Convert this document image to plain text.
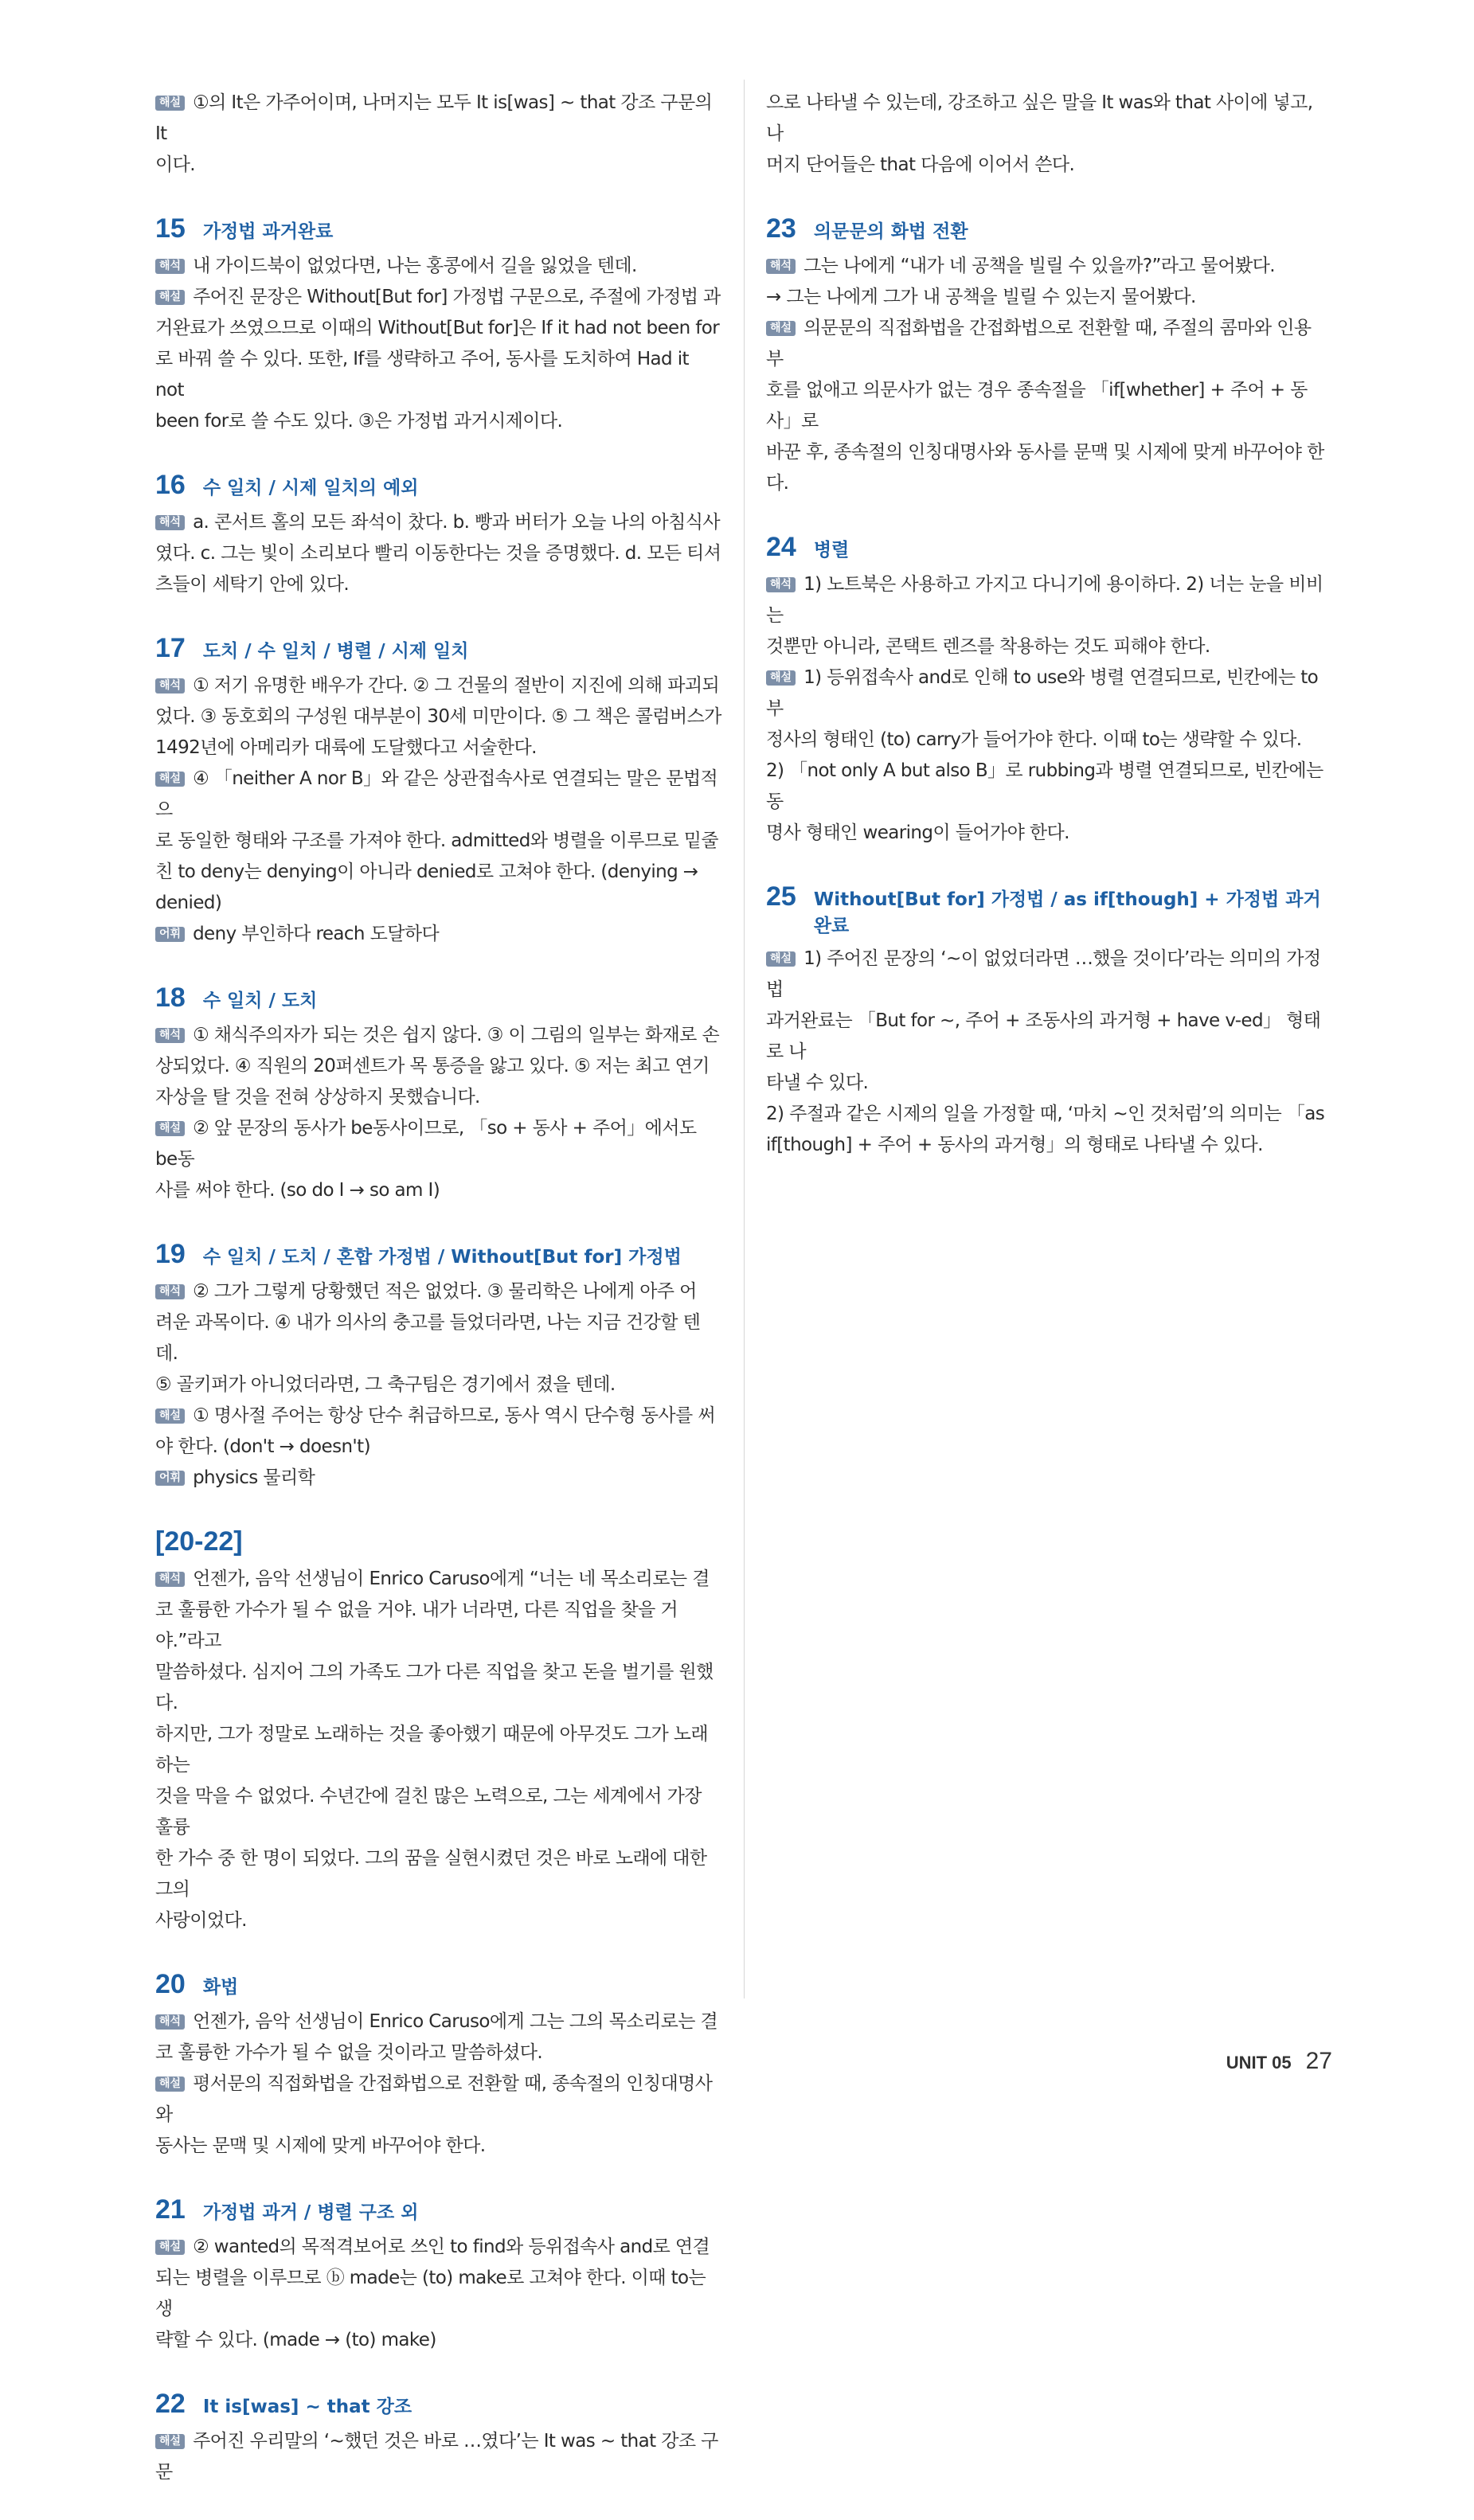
해설 ①의 It은 가주어이며, 나머지는 모두 It is[was] ~ that 강조 구문의 It

이다.

15 가정법 과거완료

해석 내 가이드북이 없었다면, 나는 홍콩에서 길을 잃었을 텐데.

해설 주어진 문장은 Without[But for] 가정법 구문으로, 주절에 가정법 과

거완료가 쓰였으므로 이때의 Without[But for]은 If it had not been for

로 바꿔 쓸 수 있다. 또한, If를 생략하고 주어, 동사를 도치하여 Had it not

been for로 쓸 수도 있다. ③은 가정법 과거시제이다.

16 수 일치 / 시제 일치의 예외

해석 a. 콘서트 홀의 모든 좌석이 찼다. b. 빵과 버터가 오늘 나의 아침식사

였다. c. 그는 빛이 소리보다 빨리 이동한다는 것을 증명했다. d. 모든 티셔

츠들이 세탁기 안에 있다.

17 도치 / 수 일치 / 병렬 / 시제 일치

해석 ① 저기 유명한 배우가 간다. ② 그 건물의 절반이 지진에 의해 파괴되

었다. ③ 동호회의 구성원 대부분이 30세 미만이다. ⑤ 그 책은 콜럼버스가

1492년에 아메리카 대륙에 도달했다고 서술한다.

해설 ④ 「neither A nor B」와 같은 상관접속사로 연결되는 말은 문법적으

로 동일한 형태와 구조를 가져야 한다. admitted와 병렬을 이루므로 밑줄

친 to deny는 denying이 아니라 denied로 고쳐야 한다. (denying →

denied)

어휘 deny 부인하다 reach 도달하다

18 수 일치 / 도치

해석 ① 채식주의자가 되는 것은 쉽지 않다. ③ 이 그림의 일부는 화재로 손

상되었다. ④ 직원의 20퍼센트가 목 통증을 앓고 있다. ⑤ 저는 최고 연기

자상을 탈 것을 전혀 상상하지 못했습니다.

해설 ② 앞 문장의 동사가 be동사이므로, 「so + 동사 + 주어」에서도 be동

사를 써야 한다. (so do I → so am I)

19 수 일치 / 도치 / 혼합 가정법 / Without[But for] 가정법

해석 ② 그가 그렇게 당황했던 적은 없었다. ③ 물리학은 나에게 아주 어

려운 과목이다. ④ 내가 의사의 충고를 들었더라면, 나는 지금 건강할 텐데.

⑤ 골키퍼가 아니었더라면, 그 축구팀은 경기에서 졌을 텐데.

해설 ① 명사절 주어는 항상 단수 취급하므로, 동사 역시 단수형 동사를 써

야 한다. (don't → doesn't)

어휘 physics 물리학

[20-22]

해석 언젠가, 음악 선생님이 Enrico Caruso에게 “너는 네 목소리로는 결

코 훌륭한 가수가 될 수 없을 거야. 내가 너라면, 다른 직업을 찾을 거야.”라고

말씀하셨다. 심지어 그의 가족도 그가 다른 직업을 찾고 돈을 벌기를 원했다.

하지만, 그가 정말로 노래하는 것을 좋아했기 때문에 아무것도 그가 노래하는

것을 막을 수 없었다. 수년간에 걸친 많은 노력으로, 그는 세계에서 가장 훌륭

한 가수 중 한 명이 되었다. 그의 꿈을 실현시켰던 것은 바로 노래에 대한 그의

사랑이었다.

20 화법

해석 언젠가, 음악 선생님이 Enrico Caruso에게 그는 그의 목소리로는 결

코 훌륭한 가수가 될 수 없을 것이라고 말씀하셨다.

해설 평서문의 직접화법을 간접화법으로 전환할 때, 종속절의 인칭대명사와

동사는 문맥 및 시제에 맞게 바꾸어야 한다.

21 가정법 과거 / 병렬 구조 외

해설 ② wanted의 목적격보어로 쓰인 to find와 등위접속사 and로 연결

되는 병렬을 이루므로 ⓑ made는 (to) make로 고쳐야 한다. 이때 to는 생

략할 수 있다. (made → (to) make)

22 It is[was] ~ that 강조

해설 주어진 우리말의 ‘~했던 것은 바로 …였다’는 It was ~ that 강조 구문

으로 나타낼 수 있는데, 강조하고 싶은 말을 It was와 that 사이에 넣고, 나

머지 단어들은 that 다음에 이어서 쓴다.

23 의문문의 화법 전환

해석 그는 나에게 “내가 네 공책을 빌릴 수 있을까?”라고 물어봤다.

→ 그는 나에게 그가 내 공책을 빌릴 수 있는지 물어봤다.

해설 의문문의 직접화법을 간접화법으로 전환할 때, 주절의 콤마와 인용 부

호를 없애고 의문사가 없는 경우 종속절을 「if[whether] + 주어 + 동사」로

바꾼 후, 종속절의 인칭대명사와 동사를 문맥 및 시제에 맞게 바꾸어야 한다.

24 병렬

해석 1) 노트북은 사용하고 가지고 다니기에 용이하다. 2) 너는 눈을 비비는

것뿐만 아니라, 콘택트 렌즈를 착용하는 것도 피해야 한다.

해설 1) 등위접속사 and로 인해 to use와 병렬 연결되므로, 빈칸에는 to부

정사의 형태인 (to) carry가 들어가야 한다. 이때 to는 생략할 수 있다.

2) 「not only A but also B」로 rubbing과 병렬 연결되므로, 빈칸에는 동

명사 형태인 wearing이 들어가야 한다.

25 Without[But for] 가정법 / as if[though] + 가정법 과거완료

해설 1) 주어진 문장의 ‘~이 없었더라면 …했을 것이다’라는 의미의 가정법

과거완료는 「But for ~, 주어 + 조동사의 과거형 + have v-ed」 형태로 나

타낼 수 있다.

2) 주절과 같은 시제의 일을 가정할 때, ‘마치 ~인 것처럼’의 의미는 「as

if[though] + 주어 + 동사의 과거형」의 형태로 나타낼 수 있다.

UNIT 05 27
